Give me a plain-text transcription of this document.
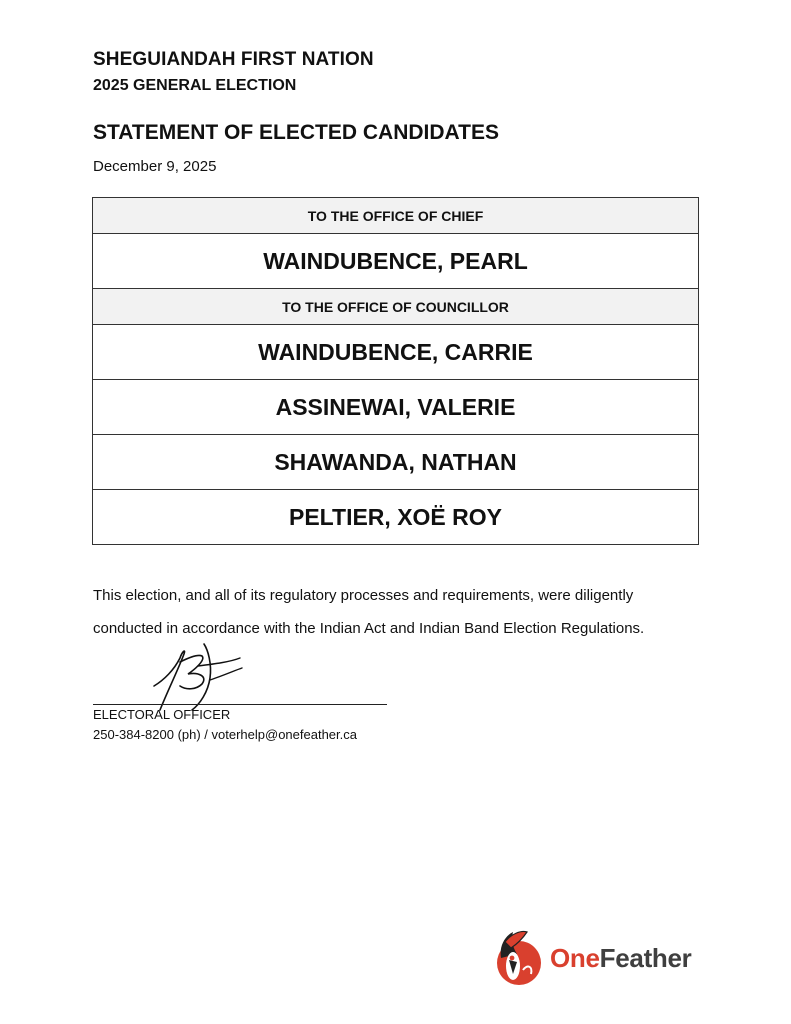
SHEGUIANDAH FIRST NATION
2025 GENERAL ELECTION
STATEMENT OF ELECTED CANDIDATES
December 9, 2025
TO THE OFFICE OF CHIEF
WAINDUBENCE, PEARL
TO THE OFFICE OF COUNCILLOR
WAINDUBENCE, CARRIE
ASSINEWAI, VALERIE
SHAWANDA, NATHAN
PELTIER, XOË ROY
This election, and all of its regulatory processes and requirements, were diligently
conducted in accordance with the Indian Act and Indian Band Election Regulations.
ELECTORAL OFFICER
250-384-8200 (ph) / voterhelp@onefeather.ca
OneFeather
